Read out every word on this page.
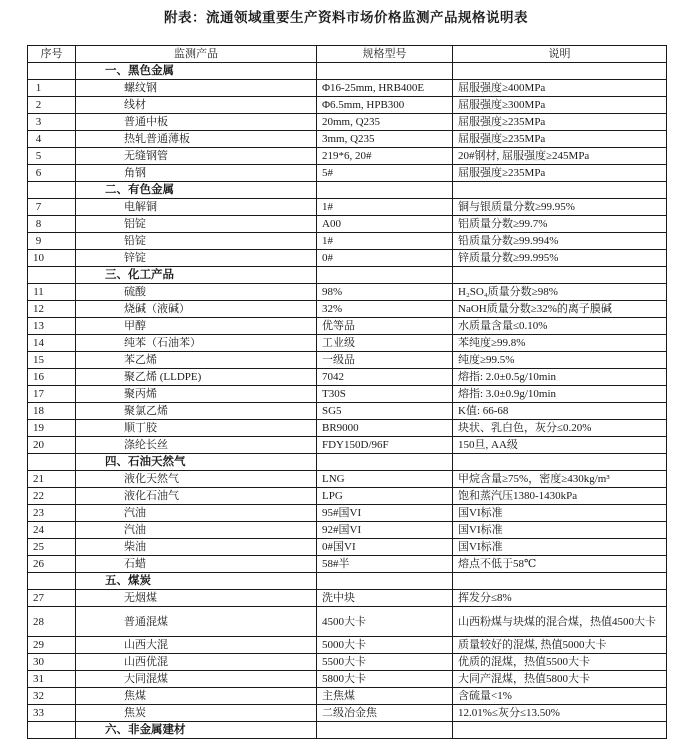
附表：流通领域重要生产资料市场价格监测产品规格说明表
序号	监测产品	规格型号	说明
	一、黑色金属		
1	螺纹钢	Φ16-25mm, HRB400E	屈服强度≥400MPa
2	线材	Φ6.5mm, HPB300	屈服强度≥300MPa
3	普通中板	20mm, Q235	屈服强度≥235MPa
4	热轧普通薄板	3mm, Q235	屈服强度≥235MPa
5	无缝钢管	219*6, 20#	20#钢材, 屈服强度≥245MPa
6	角钢	5#	屈服强度≥235MPa
	二、有色金属		
7	电解铜	1#	铜与银质量分数≥99.95%
8	铝锭	A00	铝质量分数≥99.7%
9	铅锭	1#	铅质量分数≥99.994%
10	锌锭	0#	锌质量分数≥99.995%
	三、化工产品		
11	硫酸	98%	H₂SO₄质量分数≥98%
12	烧碱（液碱）	32%	NaOH质量分数≥32%的离子膜碱
13	甲醇	优等品	水质量含量≤0.10%
14	纯苯（石油苯）	工业级	苯纯度≥99.8%
15	苯乙烯	一级品	纯度≥99.5%
16	聚乙烯 (LLDPE)	7042	熔指: 2.0±0.5g/10min
17	聚丙烯	T30S	熔指: 3.0±0.9g/10min
18	聚氯乙烯	SG5	K值: 66-68
19	顺丁胶	BR9000	块状、乳白色，灰分≤0.20%
20	涤纶长丝	FDY150D/96F	150旦, AA级
	四、石油天然气		
21	液化天然气	LNG	甲烷含量≥75%，密度≥430kg/m³
22	液化石油气	LPG	饱和蒸汽压1380-1430kPa
23	汽油	95#国VI	国VI标准
24	汽油	92#国VI	国VI标准
25	柴油	0#国VI	国VI标准
26	石蜡	58#半	熔点不低于58℃
	五、煤炭		
27	无烟煤	洗中块	挥发分≤8%
28	普通混煤	4500大卡	山西粉煤与块煤的混合煤，热值4500大卡
29	山西大混	5000大卡	质量较好的混煤, 热值5000大卡
30	山西优混	5500大卡	优质的混煤，热值5500大卡
31	大同混煤	5800大卡	大同产混煤，热值5800大卡
32	焦煤	主焦煤	含硫量<1%
33	焦炭	二级冶金焦	12.01%≤灰分≤13.50%
	六、非金属建材		
